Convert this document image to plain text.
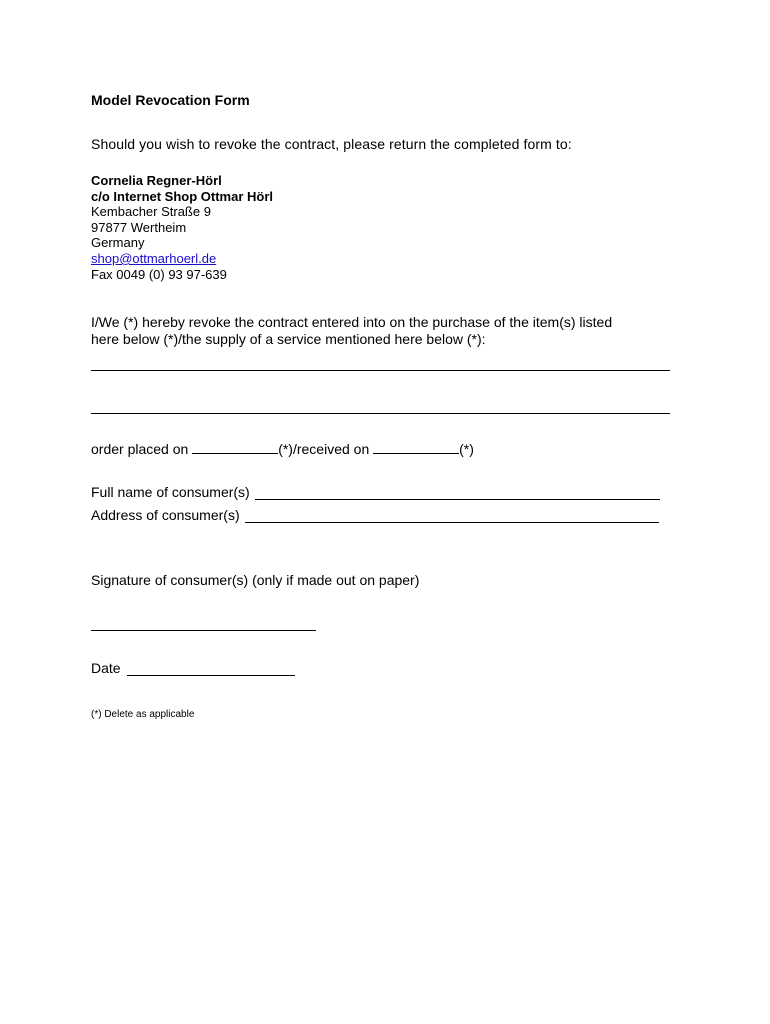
Model Revocation Form
Should you wish to revoke the contract, please return the completed form to:
Cornelia Regner-Hörl
c/o Internet Shop Ottmar Hörl
Kembacher Straße 9
97877 Wertheim
Germany
shop@ottmarhoerl.de
Fax 0049 (0) 93 97-639
I/We (*) hereby revoke the contract entered into on the purchase of the item(s) listed
here below (*)/the supply of a service mentioned here below (*):
order placed on	(*)/received on	(*)
Full name of consumer(s)
Address of consumer(s)
Signature of consumer(s) (only if made out on paper)
Date
(*) Delete as applicable
